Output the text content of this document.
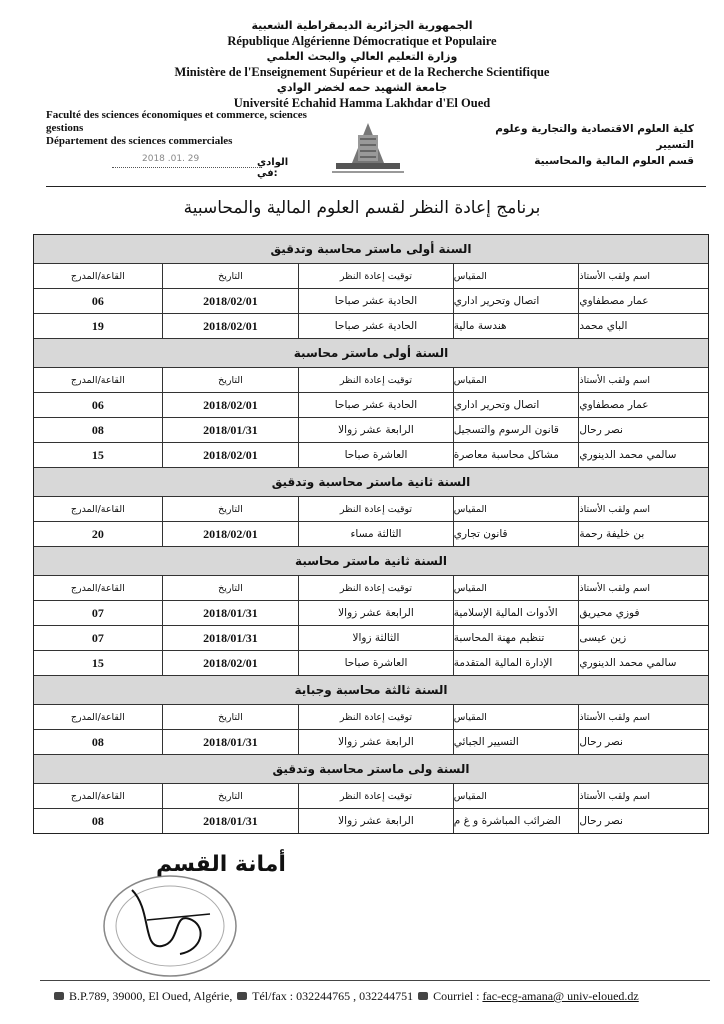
الجمهورية الجزائرية الديمقراطية الشعبية
République Algérienne Démocratique et Populaire
وزارة التعليم العالي والبحث العلمي
Ministère de l'Enseignement Supérieur et de la Recherche Scientifique
جامعة الشهيد حمه لخضر الوادي
Université Echahid Hamma Lakhdar d'El Oued
Faculté des sciences économiques et commerce, sciences gestions
Département des sciences commerciales
كلية العلوم الاقتصادية والتجارية وعلوم التسيير
قسم العلوم المالية والمحاسبية
الوادي في:
2018 .01. 29
برنامج إعادة النظر لقسم العلوم المالية والمحاسبية
السنة أولى ماستر محاسبة وتدقيق
القاعة/المدرج	التاريخ	توقيت إعادة النظر	المقياس	اسم ولقب الأستاذ
06	2018/02/01	الحادية عشر صباحا	اتصال وتحرير اداري	عمار مصطفاوي
19	2018/02/01	الحادية عشر صباحا	هندسة مالية	الباي محمد
السنة أولى ماستر محاسبة
القاعة/المدرج	التاريخ	توقيت إعادة النظر	المقياس	اسم ولقب الأستاذ
06	2018/02/01	الحادية عشر صباحا	اتصال وتحرير اداري	عمار مصطفاوي
08	2018/01/31	الرابعة عشر زوالا	قانون الرسوم والتسجيل	نصر رحال
15	2018/02/01	العاشرة صباحا	مشاكل محاسبة معاصرة	سالمي محمد الدينوري
السنة ثانية ماستر محاسبة وتدقيق
القاعة/المدرج	التاريخ	توقيت إعادة النظر	المقياس	اسم ولقب الأستاذ
20	2018/02/01	الثالثة مساء	قانون تجاري	بن خليفة رحمة
السنة ثانية ماستر محاسبة
القاعة/المدرج	التاريخ	توقيت إعادة النظر	المقياس	اسم ولقب الأستاذ
07	2018/01/31	الرابعة عشر زوالا	الأدوات المالية الإسلامية	فوزي محيريق
07	2018/01/31	الثالثة زوالا	تنظيم مهنة المحاسبة	زين عيسى
15	2018/02/01	العاشرة صباحا	الإدارة المالية المتقدمة	سالمي محمد الدينوري
السنة ثالثة محاسبة وجباية
القاعة/المدرج	التاريخ	توقيت إعادة النظر	المقياس	اسم ولقب الأستاذ
08	2018/01/31	الرابعة عشر زوالا	التسيير الجبائي	نصر رحال
السنة ولى ماستر محاسبة وتدقيق
القاعة/المدرج	التاريخ	توقيت إعادة النظر	المقياس	اسم ولقب الأستاذ
08	2018/01/31	الرابعة عشر زوالا	الضرائب المباشرة و غ م	نصر رحال
أمانة القسم
B.P.789, 39000, El Oued, Algérie, Tél/fax : 032244765 , 032244751 Courriel : fac-ecg-amana@ univ-eloued.dz
